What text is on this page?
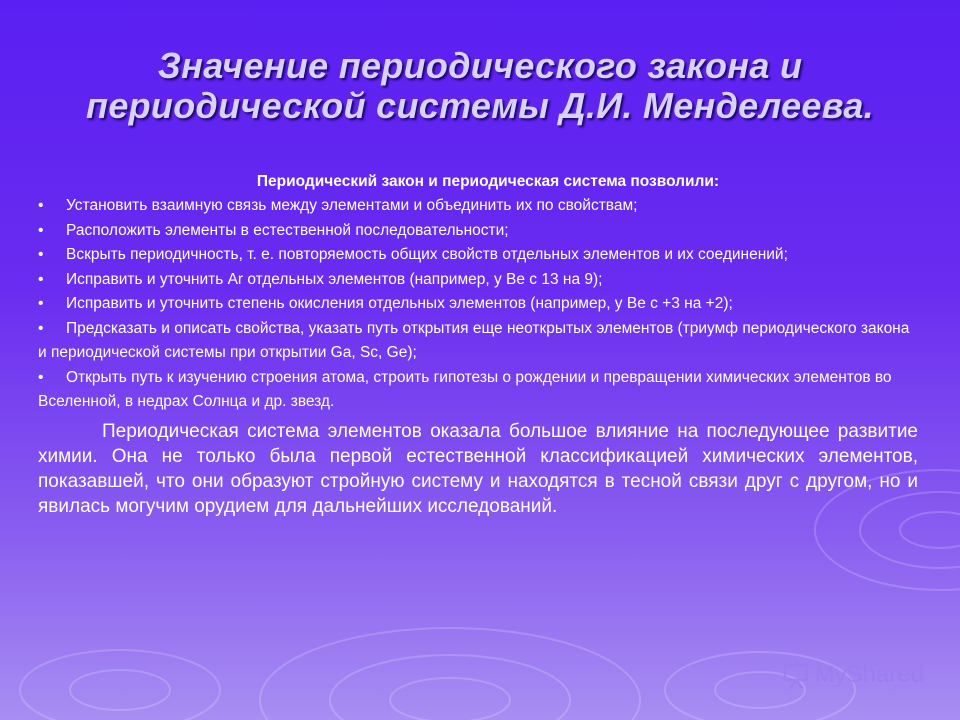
Значение периодического закона и
периодической системы Д.И. Менделеева.

Периодический закон и периодическая система позволили:

• Установить взаимную связь между элементами и объединить их по свойствам;
• Расположить элементы в естественной последовательности;
• Вскрыть периодичность, т. е. повторяемость общих свойств отдельных элементов и их соединений;
• Исправить и уточнить Ar отдельных элементов (например, у Be с 13 на 9);
• Исправить и уточнить степень окисления отдельных элементов (например, у Ве с +3 на +2);
• Предсказать и описать свойства, указать путь открытия еще неоткрытых элементов (триумф периодического закона и периодической системы при открытии Ga, Sc, Ge);
• Открыть путь к изучению строения атома, строить гипотезы о рождении и превращении химических элементов во Вселенной, в недрах Солнца и др. звезд.

Периодическая система элементов оказала большое влияние на последующее развитие химии. Она не только была первой естественной классификацией химических элементов, показавшей, что они образуют стройную систему и находятся в тесной связи друг с другом, но и явилась могучим орудием для дальнейших исследований.

MyShared
